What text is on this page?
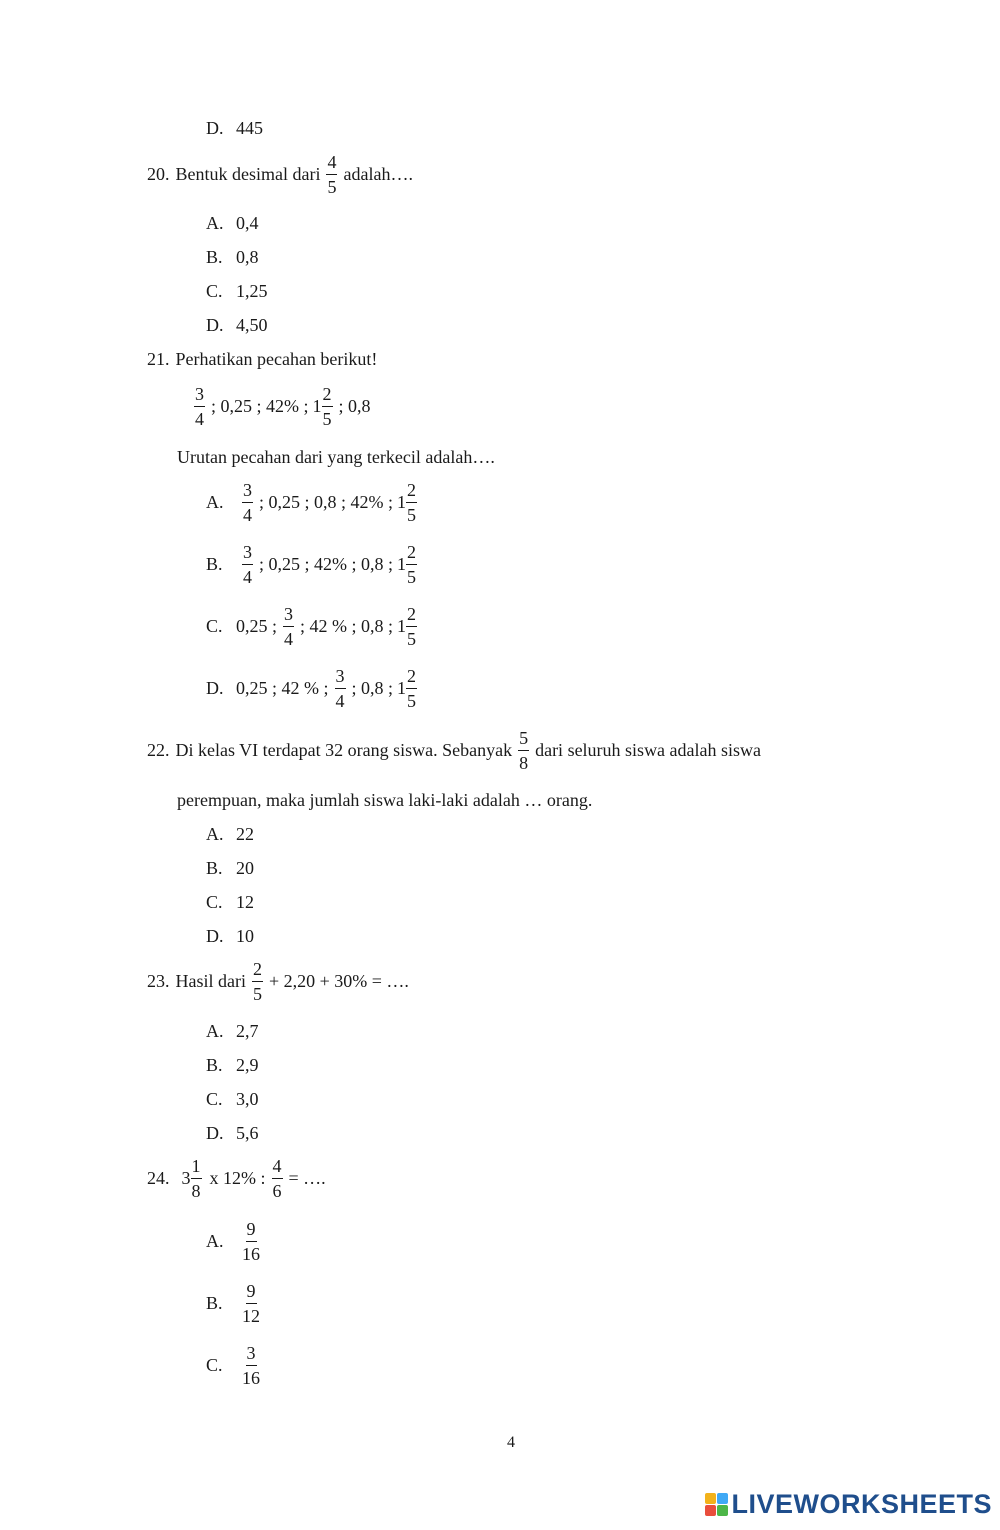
D. 445
20. Bentuk desimal dari $\frac{4}{5}$ adalah….
A. 0,4
B. 0,8
C. 1,25
D. 4,50
21. Perhatikan pecahan berikut!
$\frac{3}{4}$ ; 0,25 ; 42% ; $1 \frac{2}{5}$ ; 0,8
Urutan pecahan dari yang terkecil adalah….
A.	$\frac{3}{4}$ ; 0,25 ; 0,8 ; 42% ; $1 \frac{2}{5}$
B.	$\frac{3}{4}$ ; 0,25 ; 42% ; 0,8 ; $1 \frac{2}{5}$
C. 0,25 ; $\frac{3}{4}$ ; 42 % ; 0,8 ; $1 \frac{2}{5}$
D. 0,25 ; 42 % ; $\frac{3}{4}$ ; 0,8 ; $1 \frac{2}{5}$
22. Di kelas VI terdapat 32 orang siswa. Sebanyak $\frac{5}{8}$ dari seluruh siswa adalah siswa
perempuan, maka jumlah siswa laki-laki adalah … orang.
A. 22
B. 20
C. 12
D. 10
23. Hasil dari $\frac{2}{5} + 2,20 + 30\%$ = ….
A. 2,7
B. 2,9
C. 3,0
D. 5,6
24. $3 \frac{1}{8}$ x 12% : $\frac{4}{6}$ = ….
A.	$\frac{9}{16}$
B.	$\frac{9}{12}$
C.	$\frac{3}{16}$
4
LIVEWORKSHEETS
